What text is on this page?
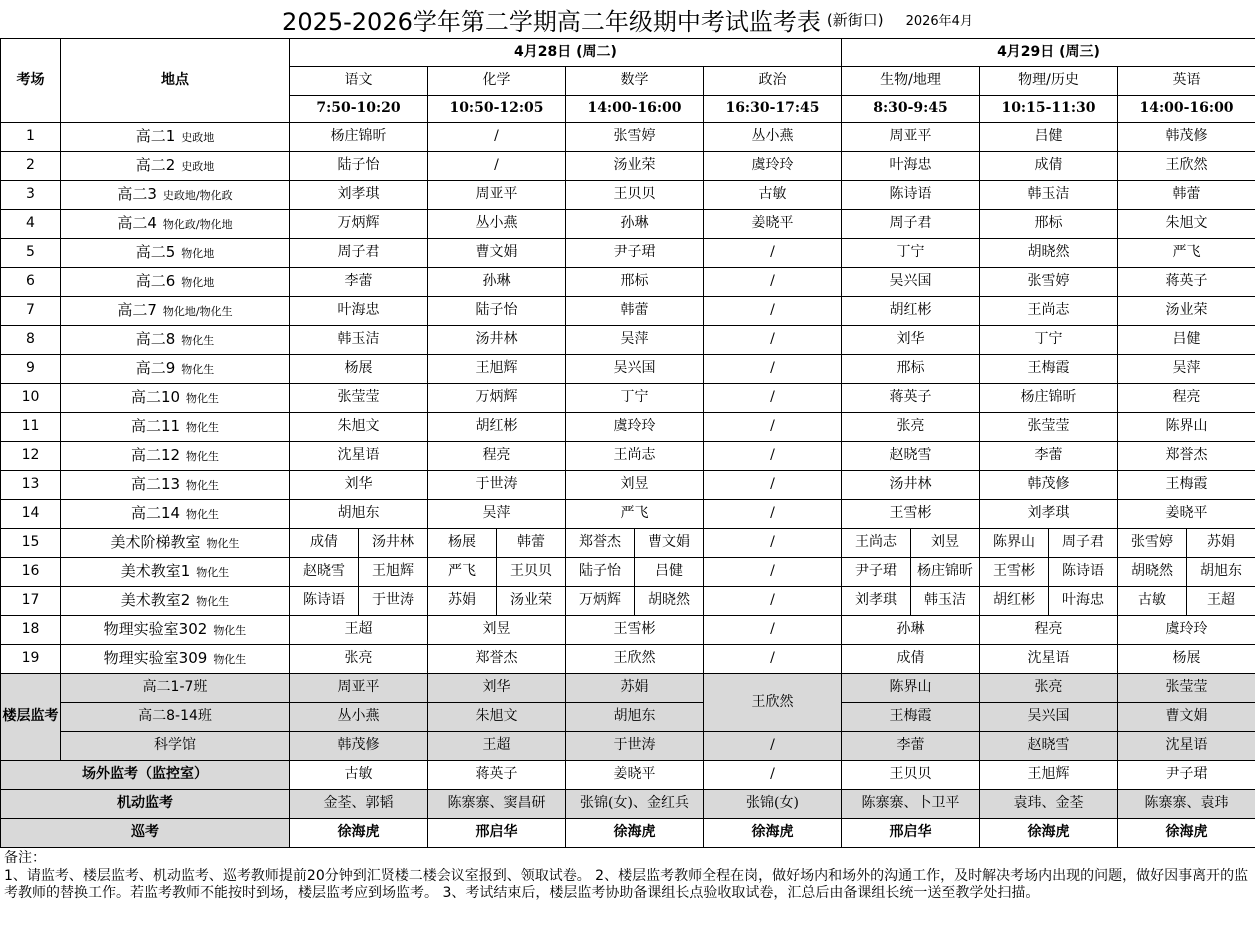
2025-2026学年第二学期高二年级期中考试监考表 (新街口) 2026年4月
考场	地点	4月28日 (周二)							4月29日 (周三)					
		语文		化学		数学		政治	生物/地理		物理/历史		英语	
		7:50-10:20		10:50-12:05		14:00-16:00		16:30-17:45	8:30-9:45		10:15-11:30		14:00-16:00	
1	高二1 史政地	杨庄锦昕		/		张雪婷		丛小燕	周亚平		吕健		韩茂修	
2	高二2 史政地	陆子怡		/		汤业荣		虞玲玲	叶海忠		成倩		王欣然	
3	高二3 史政地/物化政	刘孝琪		周亚平		王贝贝		古敏	陈诗语		韩玉洁		韩蕾	
4	高二4 物化政/物化地	万炳辉		丛小燕		孙琳		姜晓平	周子君		邢标		朱旭文	
5	高二5 物化地	周子君		曹文娟		尹子珺		/	丁宁		胡晓然		严飞	
6	高二6 物化地	李蕾		孙琳		邢标		/	吴兴国		张雪婷		蒋英子	
7	高二7 物化地/物化生	叶海忠		陆子怡		韩蕾		/	胡红彬		王尚志		汤业荣	
8	高二8 物化生	韩玉洁		汤井林		吴萍		/	刘华		丁宁		吕健	
9	高二9 物化生	杨展		王旭辉		吴兴国		/	邢标		王梅霞		吴萍	
10	高二10 物化生	张莹莹		万炳辉		丁宁		/	蒋英子		杨庄锦昕		程亮	
11	高二11 物化生	朱旭文		胡红彬		虞玲玲		/	张亮		张莹莹		陈界山	
12	高二12 物化生	沈星语		程亮		王尚志		/	赵晓雪		李蕾		郑誉杰	
13	高二13 物化生	刘华		于世涛		刘昱		/	汤井林		韩茂修		王梅霞	
14	高二14 物化生	胡旭东		吴萍		严飞		/	王雪彬		刘孝琪		姜晓平	
15	美术阶梯教室 物化生	成倩	汤井林	杨展	韩蕾	郑誉杰	曹文娟	/	王尚志	刘昱	陈界山	周子君	张雪婷	苏娟
16	美术教室1 物化生	赵晓雪	王旭辉	严飞	王贝贝	陆子怡	吕健	/	尹子珺	杨庄锦昕	王雪彬	陈诗语	胡晓然	胡旭东
17	美术教室2 物化生	陈诗语	于世涛	苏娟	汤业荣	万炳辉	胡晓然	/	刘孝琪	韩玉洁	胡红彬	叶海忠	古敏	王超
18	物理实验室302 物化生	王超		刘昱		王雪彬		/	孙琳		程亮		虞玲玲	
19	物理实验室309 物化生	张亮		郑誉杰		王欣然		/	成倩		沈星语		杨展	
楼层监考	高二1-7班	周亚平		刘华		苏娟		王欣然	陈界山		张亮		张莹莹	
	高二8-14班	丛小燕		朱旭文		胡旭东			王梅霞		吴兴国		曹文娟	
	科学馆	韩茂修		王超		于世涛		/	李蕾		赵晓雪		沈星语	
场外监考（监控室）		古敏		蒋英子		姜晓平		/	王贝贝		王旭辉		尹子珺	
机动监考		金荃、郭韬		陈寨寨、窦昌研		张锦(女)、金红兵		张锦(女)	陈寨寨、卜卫平		袁玮、金荃		陈寨寨、袁玮	
巡考		徐海虎		邢启华		徐海虎		徐海虎	邢启华		徐海虎		徐海虎	
备注：
1、请监考、楼层监考、机动监考、巡考教师提前20分钟到汇贤楼二楼会议室报到、领取试卷。 2、楼层监考教师全程在岗，做好场内和场外的沟通工作，及时解决考场内出现的问题，做好因事离开的监考教师的替换工作。若监考教师不能按时到场，楼层监考应到场监考。 3、考试结束后，楼层监考协助备课组长点验收取试卷，汇总后由备课组长统一送至教学处扫描。
